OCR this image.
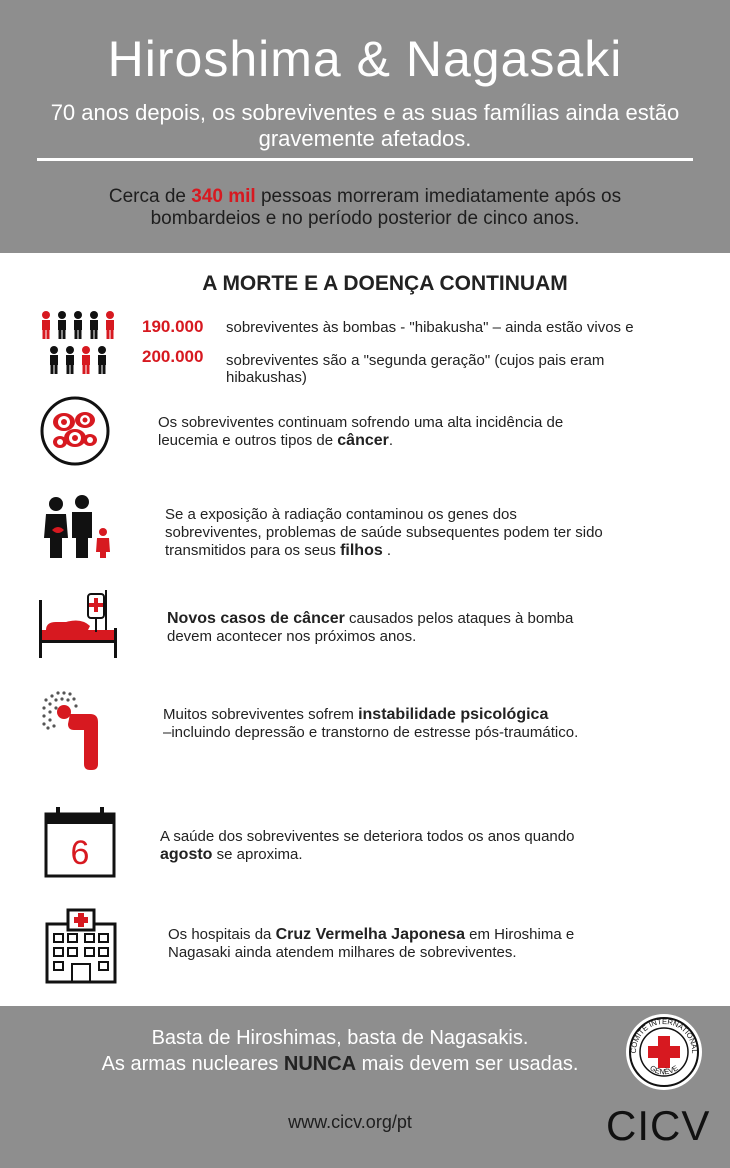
Hiroshima & Nagasaki
70 anos depois, os sobreviventes e as suas famílias ainda estão
gravemente afetados.
Cerca de 340 mil pessoas morreram imediatamente após os
bombardeios e no período posterior de cinco anos.
A MORTE E A DOENÇA CONTINUAM
190.000 sobreviventes às bombas - "hibakusha" – ainda estão vivos e
200.000 sobreviventes são a "segunda geração" (cujos pais eram
hibakushas)
Os sobreviventes continuam sofrendo uma alta incidência de
leucemia e outros tipos de câncer.
Se a exposição à radiação contaminou os genes dos
sobreviventes, problemas de saúde subsequentes podem ter sido
transmitidos para os seus filhos .
Novos casos de câncer causados pelos ataques à bomba
devem acontecer nos próximos anos.
Muitos sobreviventes sofrem instabilidade psicológica
–incluindo depressão e transtorno de estresse pós-traumático.
6	A saúde dos sobreviventes se deteriora todos os anos quando
agosto se aproxima.
Os hospitais da Cruz Vermelha Japonesa em Hiroshima e
Nagasaki ainda atendem milhares de sobreviventes.
Basta de Hiroshimas, basta de Nagasakis.
As armas nucleares NUNCA mais devem ser usadas.
www.cicv.org/pt
COMITÉ INTERNATIONAL
GENÈVE
CICV
